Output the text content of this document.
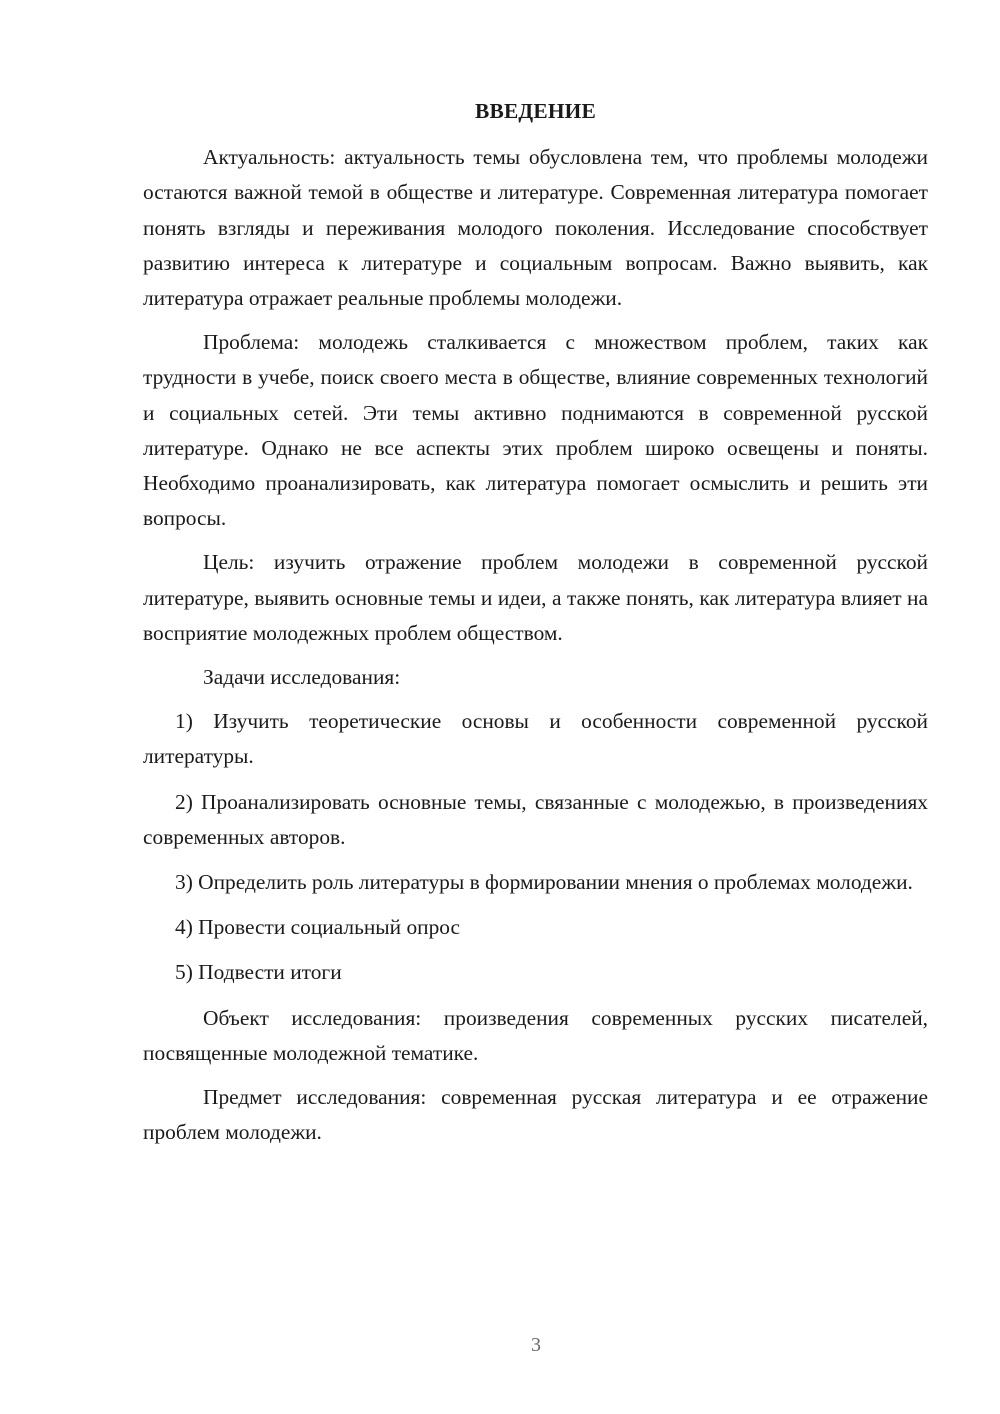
ВВЕДЕНИЕ

Актуальность: актуальность темы обусловлена тем, что проблемы молодежи остаются важной темой в обществе и литературе. Современная литература помогает понять взгляды и переживания молодого поколения. Исследование способствует развитию интереса к литературе и социальным вопросам. Важно выявить, как литература отражает реальные проблемы молодежи.

Проблема: молодежь сталкивается с множеством проблем, таких как трудности в учебе, поиск своего места в обществе, влияние современных технологий и социальных сетей. Эти темы активно поднимаются в современной русской литературе. Однако не все аспекты этих проблем широко освещены и поняты. Необходимо проанализировать, как литература помогает осмыслить и решить эти вопросы.

Цель: изучить отражение проблем молодежи в современной русской литературе, выявить основные темы и идеи, а также понять, как литература влияет на восприятие молодежных проблем обществом.

Задачи исследования:

1) Изучить теоретические основы и особенности современной русской литературы.

2) Проанализировать основные темы, связанные с молодежью, в произведениях современных авторов.

3) Определить роль литературы в формировании мнения о проблемах молодежи.

4) Провести социальный опрос

5) Подвести итоги

Объект исследования: произведения современных русских писателей, посвященные молодежной тематике.

Предмет исследования: современная русская литература и ее отражение проблем молодежи.

3
